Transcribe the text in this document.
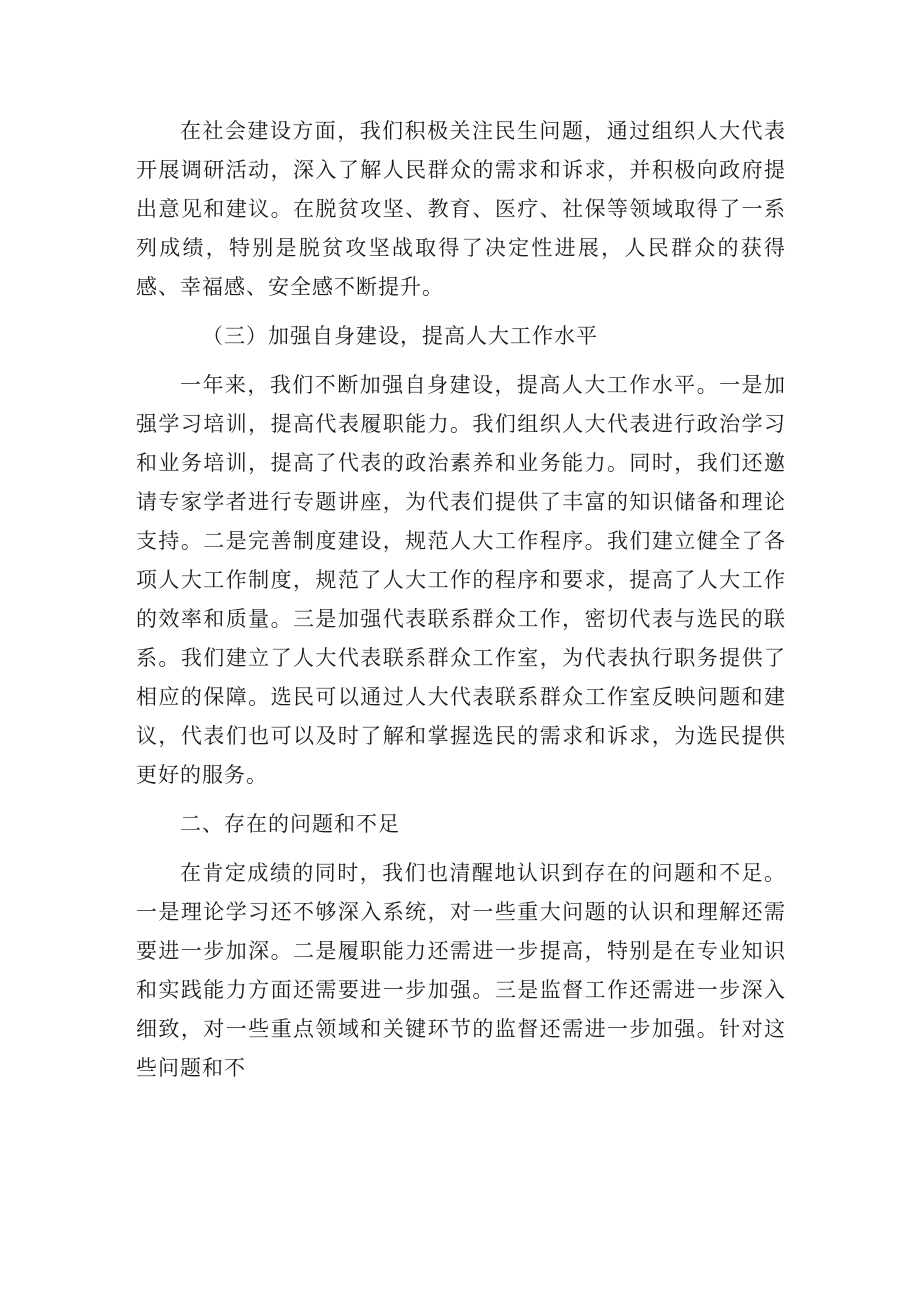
在社会建设方面，我们积极关注民生问题，通过组织人大代表开展调研活动，深入了解人民群众的需求和诉求，并积极向政府提出意见和建议。在脱贫攻坚、教育、医疗、社保等领域取得了一系列成绩，特别是脱贫攻坚战取得了决定性进展，人民群众的获得感、幸福感、安全感不断提升。

（三）加强自身建设，提高人大工作水平

一年来，我们不断加强自身建设，提高人大工作水平。一是加强学习培训，提高代表履职能力。我们组织人大代表进行政治学习和业务培训，提高了代表的政治素养和业务能力。同时，我们还邀请专家学者进行专题讲座，为代表们提供了丰富的知识储备和理论支持。二是完善制度建设，规范人大工作程序。我们建立健全了各项人大工作制度，规范了人大工作的程序和要求，提高了人大工作的效率和质量。三是加强代表联系群众工作，密切代表与选民的联系。我们建立了人大代表联系群众工作室，为代表执行职务提供了相应的保障。选民可以通过人大代表联系群众工作室反映问题和建议，代表们也可以及时了解和掌握选民的需求和诉求，为选民提供更好的服务。

二、存在的问题和不足

在肯定成绩的同时，我们也清醒地认识到存在的问题和不足。一是理论学习还不够深入系统，对一些重大问题的认识和理解还需要进一步加深。二是履职能力还需进一步提高，特别是在专业知识和实践能力方面还需要进一步加强。三是监督工作还需进一步深入细致，对一些重点领域和关键环节的监督还需进一步加强。针对这些问题和不
